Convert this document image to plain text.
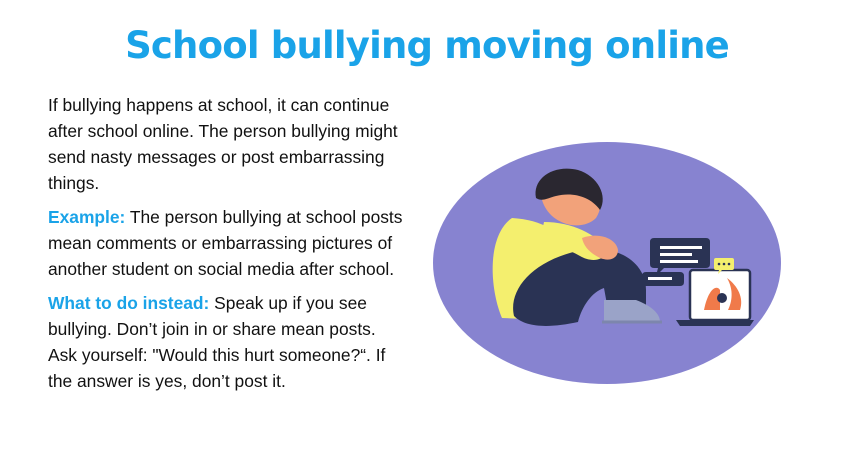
School bullying moving online

If bullying happens at school, it can continue after school online. The person bullying might send nasty messages or post embarrassing things.

Example: The person bullying at school posts mean comments or embarrassing pictures of another student on social media after school.

What to do instead: Speak up if you see bullying. Don’t join in or share mean posts. Ask yourself: "Would this hurt someone?“. If the answer is yes, don’t post it.
